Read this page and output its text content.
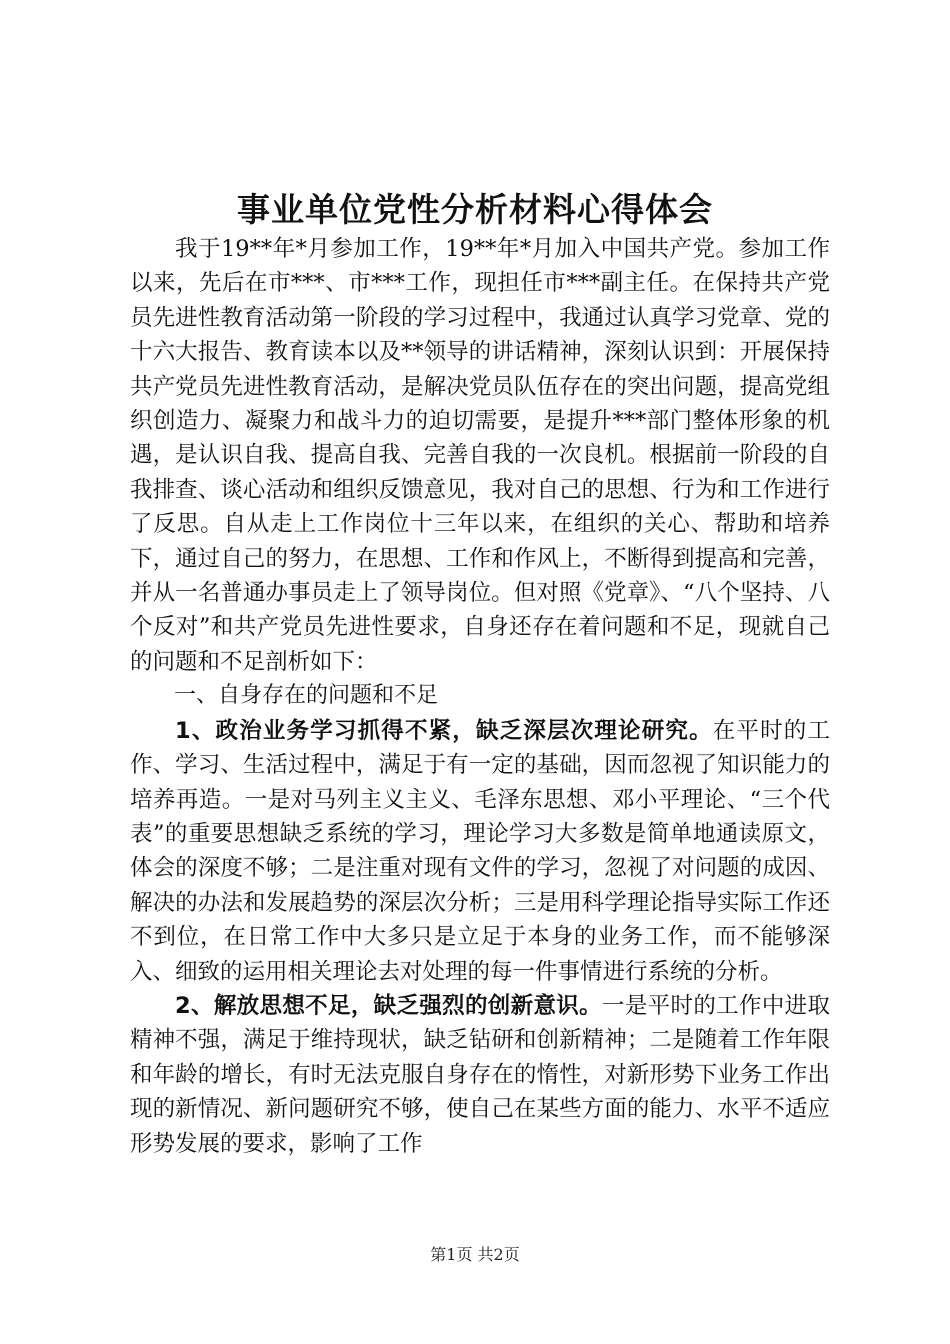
事业单位党性分析材料心得体会

我于19**年*月参加工作，19**年*月加入中国共产党。参加工作以来，先后在市***、市***工作，现担任市***副主任。在保持共产党员先进性教育活动第一阶段的学习过程中，我通过认真学习党章、党的十六大报告、教育读本以及**领导的讲话精神，深刻认识到：开展保持共产党员先进性教育活动，是解决党员队伍存在的突出问题，提高党组织创造力、凝聚力和战斗力的迫切需要，是提升***部门整体形象的机遇，是认识自我、提高自我、完善自我的一次良机。根据前一阶段的自我排查、谈心活动和组织反馈意见，我对自己的思想、行为和工作进行了反思。自从走上工作岗位十三年以来，在组织的关心、帮助和培养下，通过自己的努力，在思想、工作和作风上，不断得到提高和完善，并从一名普通办事员走上了领导岗位。但对照《党章》、“八个坚持、八个反对”和共产党员先进性要求，自身还存在着问题和不足，现就自己的问题和不足剖析如下：

一、自身存在的问题和不足

1、政治业务学习抓得不紧，缺乏深层次理论研究。在平时的工作、学习、生活过程中，满足于有一定的基础，因而忽视了知识能力的培养再造。一是对马列主义主义、毛泽东思想、邓小平理论、“三个代表”的重要思想缺乏系统的学习，理论学习大多数是简单地通读原文，体会的深度不够；二是注重对现有文件的学习，忽视了对问题的成因、解决的办法和发展趋势的深层次分析；三是用科学理论指导实际工作还不到位，在日常工作中大多只是立足于本身的业务工作，而不能够深入、细致的运用相关理论去对处理的每一件事情进行系统的分析。

2、解放思想不足，缺乏强烈的创新意识。一是平时的工作中进取精神不强，满足于维持现状，缺乏钻研和创新精神；二是随着工作年限和年龄的增长，有时无法克服自身存在的惰性，对新形势下业务工作出现的新情况、新问题研究不够，使自己在某些方面的能力、水平不适应形势发展的要求，影响了工作

第1页 共2页
